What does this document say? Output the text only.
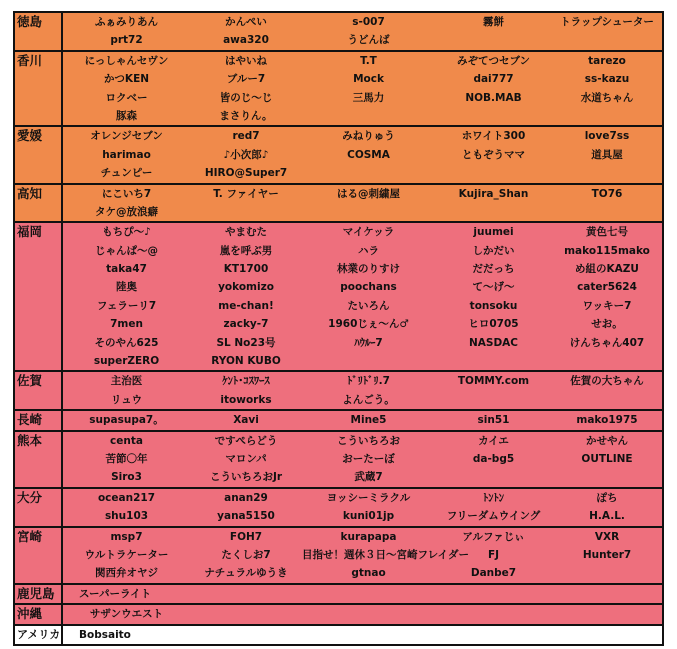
徳島	ふぁみりあん	かんぺい	s-007	霧餅	トラップシューター
prt72	awa320	うどんば
香川	にっしゃんセヴン	はやいね	T.T	みぞてつセブン	tarezo
かつKEN	ブルー7	Mock	dai777	ss-kazu
ロクベー	皆のじ〜じ	三馬力	NOB.MAB	水道ちゃん
豚森	まさりん。
愛媛	オレンジセブン	red7	みねりゅう	ホワイト300	love7ss
harimao	♪小次郎♪	COSMA	ともぞうママ	道具屋
チュンピー	HIRO@Super7
高知	にこいち7	T. ファイヤー	はる@刺繍屋	Kujira_Shan	TO76
タケ@放浪癖
福岡	もちぴ〜♪	やまむた	マイケッラ	juumei	黄色七号
じゃんぱ〜@	嵐を呼ぶ男	ハラ	しかだい	mako115mako
taka47	KT1700	林業のりすけ	だだっち	め組のKAZU
陸奥	yokomizo	poochans	て〜げ〜	cater5624
フェラーリ7	me-chan!	たいろん	tonsoku	ワッキー7
7men	zacky-7	1960じぇ〜ん♂	ヒロ0705	せお。
そのやん625	SL No23号	ﾊｳﾙｰ7	NASDAC	けんちゃん407
superZERO	RYON KUBO
佐賀	主治医	ｹﾝﾄ･ｺｽﾜｰｽ	ﾄﾞﾘﾄﾞﾘ.7	TOMMY.com	佐賀の大ちゃん
リュウ	itoworks	よんごう。
長崎	supasupa7。	Xavi	Mine5	sin51	mako1975
熊本	centa	ですぺらどう	こういちろお	カイエ	かせやん
苦節〇年	マロンパ	おーたーぼ	da-bg5	OUTLINE
Siro3	こういちろおJr	武蔵7
大分	ocean217	anan29	ヨッシーミラクル	ﾄﾝﾄﾝ	ぽち
shu103	yana5150	kuni01jp	フリーダムウイング	H.A.L.
宮崎	msp7	FOH7	kurapapa	アルファじぃ	VXR
ウルトラケーター	たくしお7	目指せ！週休３日〜宮崎フレイダー	FJ	Hunter7
関西弁オヤジ	ナチュラルゆうき	gtnao	Danbe7
鹿児島	スーパーライト
沖縄	サザンウエスト
アメリカ	Bobsaito
